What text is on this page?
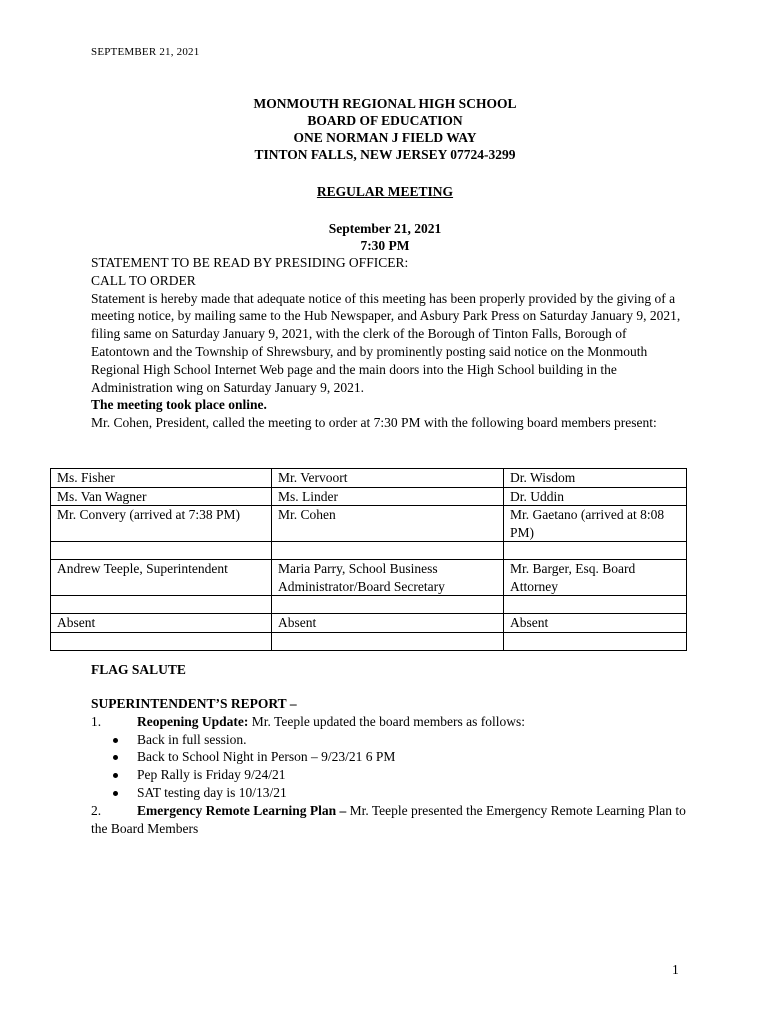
SEPTEMBER 21, 2021
MONMOUTH REGIONAL HIGH SCHOOL
BOARD OF EDUCATION
ONE NORMAN J FIELD WAY
TINTON FALLS, NEW JERSEY 07724-3299
REGULAR MEETING
September 21, 2021
7:30 PM

STATEMENT TO BE READ BY PRESIDING OFFICER:

CALL TO ORDER

Statement is hereby made that adequate notice of this meeting has been properly provided by the giving of a meeting notice, by mailing same to the Hub Newspaper, and Asbury Park Press on Saturday January 9, 2021, filing same on Saturday January 9, 2021, with the clerk of the Borough of Tinton Falls, Borough of Eatontown and the Township of Shrewsbury, and by prominently posting said notice on the Monmouth Regional High School Internet Web page and the main doors into the High School building in the Administration wing on Saturday January 9, 2021.

The meeting took place online.

Mr. Cohen, President, called the meeting to order at 7:30 PM with the following board members present:

Ms. Fisher	Mr. Vervoort	Dr. Wisdom
Ms. Van Wagner	Ms. Linder	Dr. Uddin
Mr. Convery (arrived at 7:38 PM)	Mr. Cohen	Mr. Gaetano (arrived at 8:08 PM)

Andrew Teeple, Superintendent	Maria Parry, School Business Administrator/Board Secretary	Mr. Barger, Esq. Board Attorney

Absent	Absent	Absent

FLAG SALUTE

SUPERINTENDENT’S REPORT –

1.	Reopening Update: Mr. Teeple updated the board members as follows:
Back in full session.
Back to School Night in Person – 9/23/21 6 PM
Pep Rally is Friday 9/24/21
SAT testing day is 10/13/21

2.	Emergency Remote Learning Plan – Mr. Teeple presented the Emergency Remote Learning Plan to the Board Members

1
